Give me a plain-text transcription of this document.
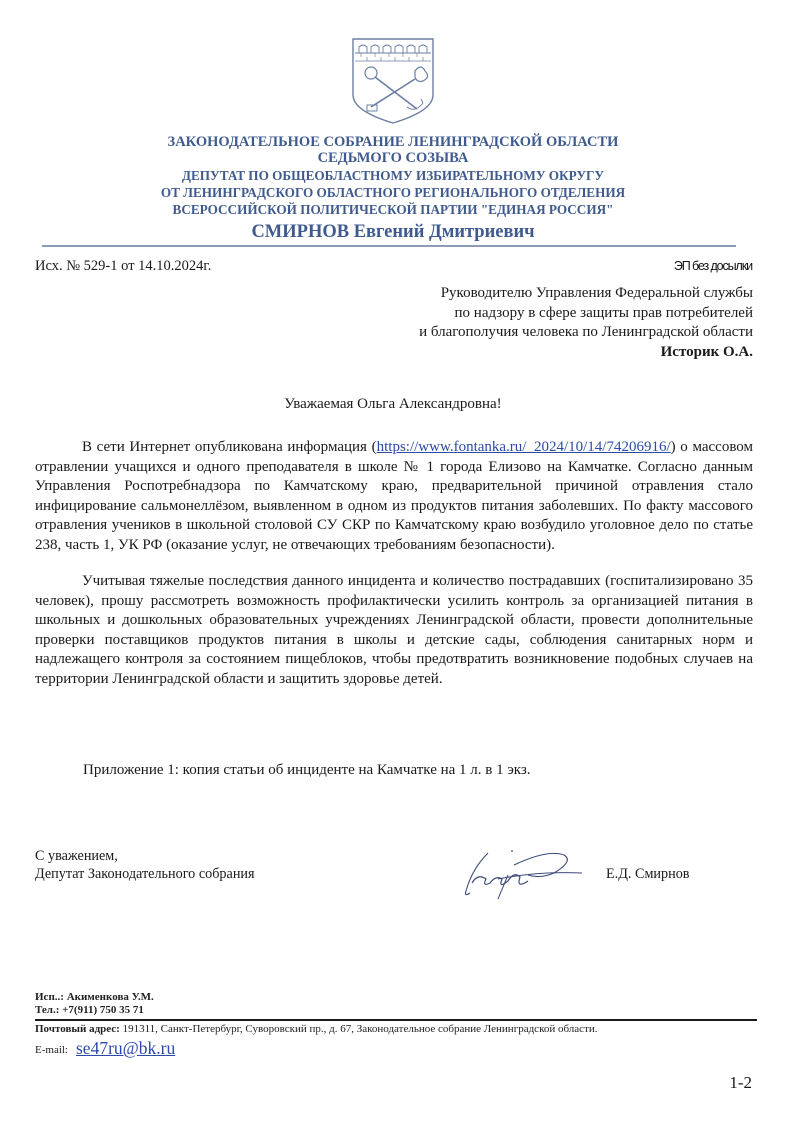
ЗАКОНОДАТЕЛЬНОЕ СОБРАНИЕ ЛЕНИНГРАДСКОЙ ОБЛАСТИ
СЕДЬМОГО СОЗЫВА
ДЕПУТАТ ПО ОБЩЕОБЛАСТНОМУ ИЗБИРАТЕЛЬНОМУ ОКРУГУ
ОТ ЛЕНИНГРАДСКОГО ОБЛАСТНОГО РЕГИОНАЛЬНОГО ОТДЕЛЕНИЯ
ВСЕРОССИЙСКОЙ ПОЛИТИЧЕСКОЙ ПАРТИИ "ЕДИНАЯ РОССИЯ"
СМИРНОВ Евгений Дмитриевич
Исх. № 529-1 от 14.10.2024г.	ЭП без досылки
Руководителю Управления Федеральной службы
по надзору в сфере защиты прав потребителей
и благополучия человека по Ленинградской области
Историк О.А.
Уважаемая Ольга Александровна!

В сети Интернет опубликована информация (https://www.fontanka.ru/_2024/10/14/74206916/) о массовом отравлении учащихся и одного преподавателя в школе № 1 города Елизово на Камчатке. Согласно данным Управления Роспотребнадзора по Камчатскому краю, предварительной причиной отравления стало инфицирование сальмонеллёзом, выявленном в одном из продуктов питания заболевших. По факту массового отравления учеников в школьной столовой СУ СКР по Камчатскому краю возбудило уголовное дело по статье 238, часть 1, УК РФ (оказание услуг, не отвечающих требованиям безопасности).

Учитывая тяжелые последствия данного инцидента и количество пострадавших (госпитализировано 35 человек), прошу рассмотреть возможность профилактически усилить контроль за организацией питания в школьных и дошкольных образовательных учреждениях Ленинградской области, провести дополнительные проверки поставщиков продуктов питания в школы и детские сады, соблюдения санитарных норм и надлежащего контроля за состоянием пищеблоков, чтобы предотвратить возникновение подобных случаев на территории Ленинградской области и защитить здоровье детей.

Приложение 1: копия статьи об инциденте на Камчатке на 1 л. в 1 экз.
С уважением,
Депутат Законодательного собрания	Е.Д. Смирнов
Исп..: Акименкова У.М.
Тел.: +7(911) 750 35 71
Почтовый адрес: 191311, Санкт-Петербург, Суворовский пр., д. 67, Законодательное собрание Ленинградской области.
E-mail: se47ru@bk.ru
1-2
